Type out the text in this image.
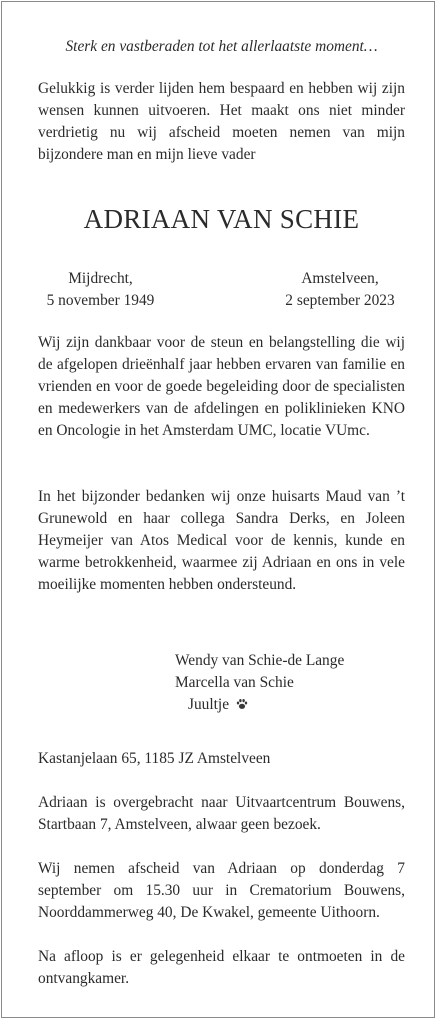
Sterk en vastberaden tot het allerlaatste moment…
Gelukkig is verder lijden hem bespaard en hebben wij zijn wensen kunnen uitvoeren. Het maakt ons niet minder verdrietig nu wij afscheid moeten nemen van mijn bijzondere man en mijn lieve vader
ADRIAAN VAN SCHIE
Mijdrecht,
5 november 1949
Amstelveen,
2 september 2023
Wij zijn dankbaar voor de steun en belangstelling die wij de afgelopen drieënhalf jaar hebben ervaren van familie en vrienden en voor de goede begeleiding door de specialisten en medewerkers van de afdelingen en poliklinieken KNO en Oncologie in het Amsterdam UMC, locatie VUmc.
In het bijzonder bedanken wij onze huisarts Maud van ’t Grunewold en haar collega Sandra Derks, en Joleen Heymeijer van Atos Medical voor de kennis, kunde en warme betrokkenheid, waarmee zij Adriaan en ons in vele moeilijke momenten hebben ondersteund.
Wendy van Schie-de Lange
Marcella van Schie
Juultje
Kastanjelaan 65, 1185 JZ Amstelveen
Adriaan is overgebracht naar Uitvaartcentrum Bouwens, Startbaan 7, Amstelveen, alwaar geen bezoek.
Wij nemen afscheid van Adriaan op donderdag 7 september om 15.30 uur in Crematorium Bouwens, Noorddammerweg 40, De Kwakel, gemeente Uithoorn.
Na afloop is er gelegenheid elkaar te ontmoeten in de ontvangkamer.
